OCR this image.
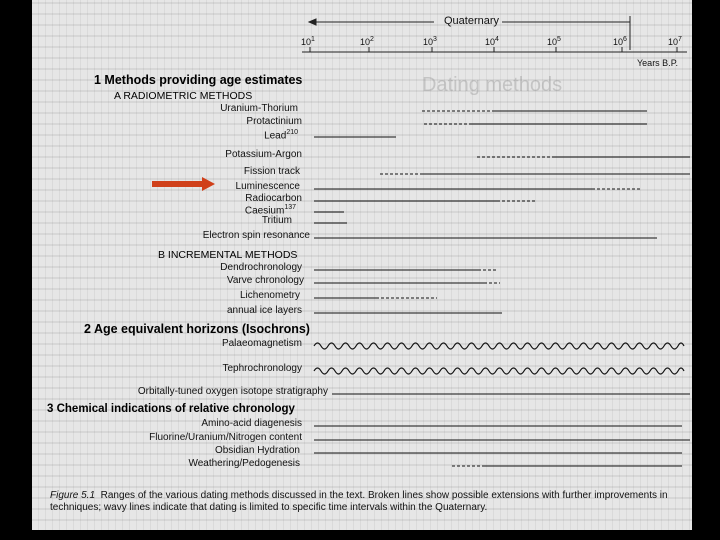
Dating methods
Quaternary
Years B.P.
$10^1$	$10^2$	$10^3$	$10^4$	$10^5$	$10^6$	$10^7$
1 Methods providing age estimates
A RADIOMETRIC METHODS
B INCREMENTAL METHODS
2 Age equivalent horizons (Isochrons)
3 Chemical indications of relative chronology
Uranium-Thorium
Protactinium
Lead$^{210}$
Potassium-Argon
Fission track
Luminescence
Radiocarbon
Caesium$^{137}$
Tritium
Electron spin resonance
Dendrochronology
Varve chronology
Lichenometry
annual ice layers
Palaeomagnetism
Tephrochronology
Orbitally-tuned oxygen isotope stratigraphy
Amino-acid diagenesis
Fluorine/Uranium/Nitrogen content
Obsidian Hydration
Weathering/Pedogenesis
Figure 5.1 Ranges of the various dating methods discussed in the text. Broken lines show possible extensions with further improvements in techniques; wavy lines indicate that dating is limited to specific time intervals within the Quaternary.
